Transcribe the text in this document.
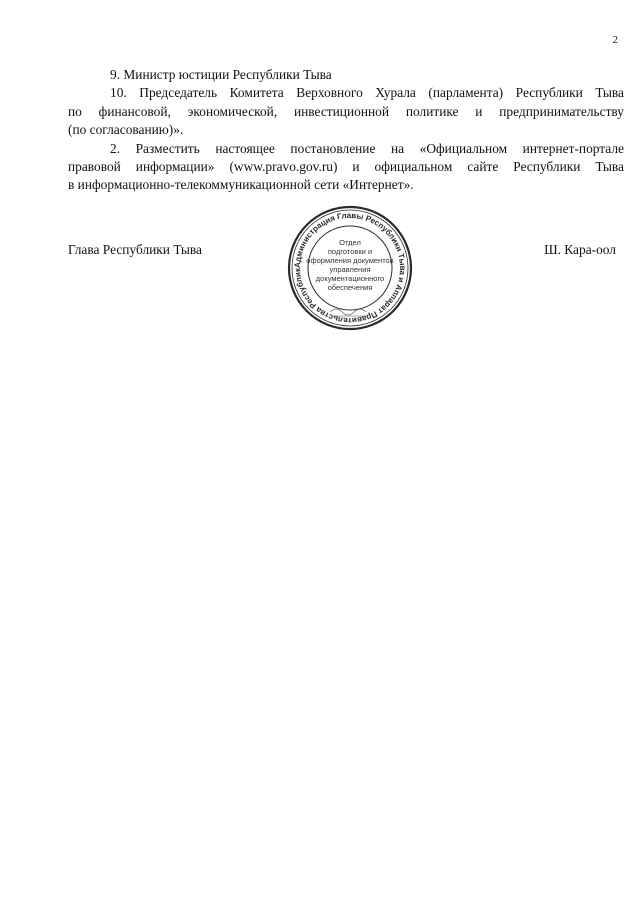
2

9. Министр юстиции Республики Тыва

10. Председатель Комитета Верховного Хурала (парламента) Республики Тыва
по финансовой, экономической, инвестиционной политике и предпринимательству
(по согласованию)».

2. Разместить настоящее постановление на «Официальном интернет-портале
правовой информации» (www.pravo.gov.ru) и официальном сайте Республики Тыва
в информационно-телекоммуникационной сети «Интернет».

Глава Республики Тыва	Ш. Кара-оол
Администрация Главы Республики Тыва и Аппарат Правительства Республик
Отдел
подготовки и
оформления документов
управления
документационного
обеспечения
